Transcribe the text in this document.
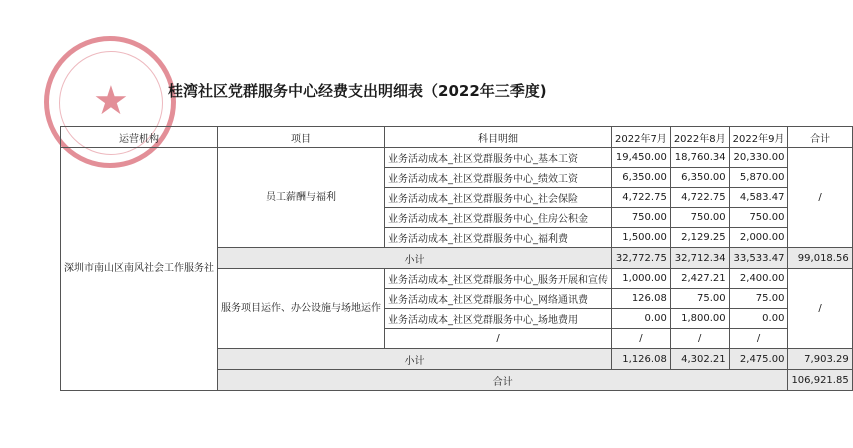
★	桂湾社区党群服务中心经费支出明细表（2022年三季度)
运营机构	项目	科目明细	2022年7月	2022年8月	2022年9月	合计
深圳市南山区南风社会工作服务社	员工薪酬与福利	业务活动成本_社区党群服务中心_基本工资	19,450.00	18,760.34	20,330.00	/
		业务活动成本_社区党群服务中心_绩效工资	6,350.00	6,350.00	5,870.00	
		业务活动成本_社区党群服务中心_社会保险	4,722.75	4,722.75	4,583.47	
		业务活动成本_社区党群服务中心_住房公积金	750.00	750.00	750.00	
		业务活动成本_社区党群服务中心_福利费	1,500.00	2,129.25	2,000.00	
	小计		32,772.75	32,712.34	33,533.47	99,018.56
	服务项目运作、办公设施与场地运作	业务活动成本_社区党群服务中心_服务开展和宣传	1,000.00	2,427.21	2,400.00	/
		业务活动成本_社区党群服务中心_网络通讯费	126.08	75.00	75.00	
		业务活动成本_社区党群服务中心_场地费用	0.00	1,800.00	0.00	
		/	/	/	/	
	小计		1,126.08	4,302.21	2,475.00	7,903.29
	合计					106,921.85
